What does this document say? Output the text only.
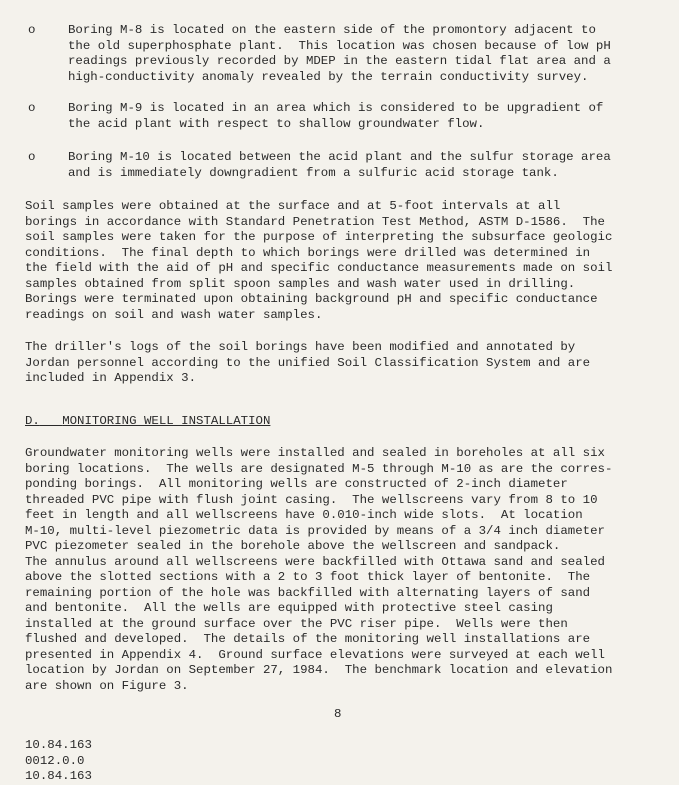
o	Boring M-8 is located on the eastern side of the promontory adjacent to

the old superphosphate plant.  This location was chosen because of low pH

readings previously recorded by MDEP in the eastern tidal flat area and a

high-conductivity anomaly revealed by the terrain conductivity survey.

o	Boring M-9 is located in an area which is considered to be upgradient of

the acid plant with respect to shallow groundwater flow.

o	Boring M-10 is located between the acid plant and the sulfur storage area

and is immediately downgradient from a sulfuric acid storage tank.

Soil samples were obtained at the surface and at 5-foot intervals at all

borings in accordance with Standard Penetration Test Method, ASTM D-1586.  The

soil samples were taken for the purpose of interpreting the subsurface geologic

conditions.  The final depth to which borings were drilled was determined in

the field with the aid of pH and specific conductance measurements made on soil

samples obtained from split spoon samples and wash water used in drilling.

Borings were terminated upon obtaining background pH and specific conductance

readings on soil and wash water samples.

The driller's logs of the soil borings have been modified and annotated by

Jordan personnel according to the unified Soil Classification System and are

included in Appendix 3.

D. MONITORING WELL INSTALLATION

Groundwater monitoring wells were installed and sealed in boreholes at all six

boring locations.  The wells are designated M-5 through M-10 as are the corres-

ponding borings.  All monitoring wells are constructed of 2-inch diameter

threaded PVC pipe with flush joint casing.  The wellscreens vary from 8 to 10

feet in length and all wellscreens have 0.010-inch wide slots.  At location

M-10, multi-level piezometric data is provided by means of a 3/4 inch diameter

PVC piezometer sealed in the borehole above the wellscreen and sandpack.

The annulus around all wellscreens were backfilled with Ottawa sand and sealed

above the slotted sections with a 2 to 3 foot thick layer of bentonite.  The

remaining portion of the hole was backfilled with alternating layers of sand

and bentonite.  All the wells are equipped with protective steel casing

installed at the ground surface over the PVC riser pipe.  Wells were then

flushed and developed.  The details of the monitoring well installations are

presented in Appendix 4.  Ground surface elevations were surveyed at each well

location by Jordan on September 27, 1984.  The benchmark location and elevation

are shown on Figure 3.

8

10.84.163

0012.0.0

10.84.163
